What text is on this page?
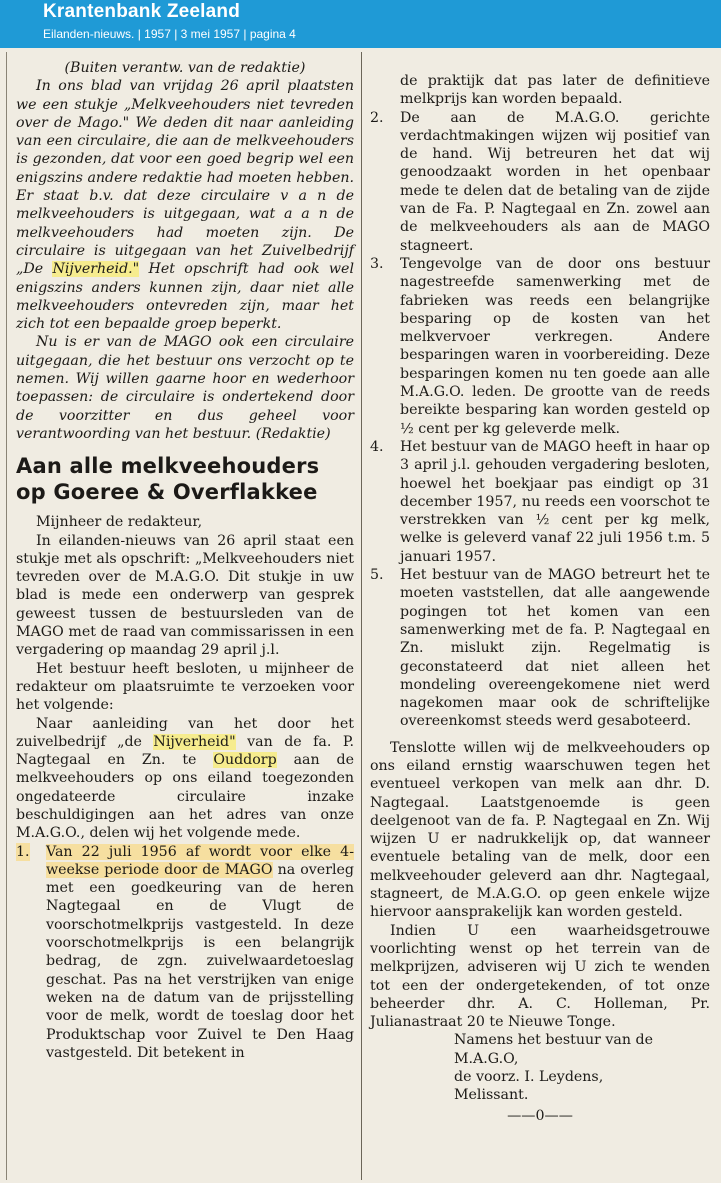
Krantenbank Zeeland
Eilanden-nieuws. | 1957 | 3 mei 1957 | pagina 4

(Buiten verantw. van de redaktie)

In ons blad van vrijdag 26 april plaatsten we een stukje „Melkveehouders niet tevreden over de Mago." We deden dit naar aanleiding van een circulaire, die aan de melkveehouders is gezonden, dat voor een goed begrip wel een enigszins andere redaktie had moeten hebben. Er staat b.v. dat deze circulaire v a n de melkveehouders is uitgegaan, wat a a n de melkveehouders had moeten zijn. De circulaire is uitgegaan van het Zuivelbedrijf „De Nijverheid." Het opschrift had ook wel enigszins anders kunnen zijn, daar niet alle melkveehouders ontevreden zijn, maar het zich tot een bepaalde groep beperkt.

Nu is er van de MAGO ook een circulaire uitgegaan, die het bestuur ons verzocht op te nemen. Wij willen gaarne hoor en wederhoor toepassen: de circulaire is ondertekend door de voorzitter en dus geheel voor verantwoording van het bestuur. (Redaktie)

Aan alle melkveehouders op Goeree & Overflakkee

Mijnheer de redakteur,

In eilanden-nieuws van 26 april staat een stukje met als opschrift: „Melkveehouders niet tevreden over de M.A.G.O. Dit stukje in uw blad is mede een onderwerp van gesprek geweest tussen de bestuursleden van de MAGO met de raad van commissarissen in een vergadering op maandag 29 april j.l.

Het bestuur heeft besloten, u mijnheer de redakteur om plaatsruimte te verzoeken voor het volgende:

Naar aanleiding van het door het zuivelbedrijf „de Nijverheid" van de fa. P. Nagtegaal en Zn. te Ouddorp aan de melkveehouders op ons eiland toegezonden ongedateerde circulaire inzake beschuldigingen aan het adres van onze M.A.G.O., delen wij het volgende mede.

1. Van 22 juli 1956 af wordt voor elke 4-weekse periode door de MAGO na overleg met een goedkeuring van de heren Nagtegaal en de Vlugt de voorschotmelkprijs vastgesteld. In deze voorschotmelkprijs is een belangrijk bedrag, de zgn. zuivelwaardetoeslag geschat. Pas na het verstrijken van enige weken na de datum van de prijsstelling voor de melk, wordt de toeslag door het Produktschap voor Zuivel te Den Haag vastgesteld. Dit betekent in
de praktijk dat pas later de definitieve melkprijs kan worden bepaald.
2. De aan de M.A.G.O. gerichte verdachtmakingen wijzen wij positief van de hand. Wij betreuren het dat wij genoodzaakt worden in het openbaar mede te delen dat de betaling van de zijde van de Fa. P. Nagtegaal en Zn. zowel aan de melkveehouders als aan de MAGO stagneert.
3. Tengevolge van de door ons bestuur nagestreefde samenwerking met de fabrieken was reeds een belangrijke besparing op de kosten van het melkvervoer verkregen. Andere besparingen waren in voorbereiding. Deze besparingen komen nu ten goede aan alle M.A.G.O. leden. De grootte van de reeds bereikte besparing kan worden gesteld op ½ cent per kg geleverde melk.
4. Het bestuur van de MAGO heeft in haar op 3 april j.l. gehouden vergadering besloten, hoewel het boekjaar pas eindigt op 31 december 1957, nu reeds een voorschot te verstrekken van ½ cent per kg melk, welke is geleverd vanaf 22 juli 1956 t.m. 5 januari 1957.
5. Het bestuur van de MAGO betreurt het te moeten vaststellen, dat alle aangewende pogingen tot het komen van een samenwerking met de fa. P. Nagtegaal en Zn. mislukt zijn. Regelmatig is geconstateerd dat niet alleen het mondeling overeengekomene niet werd nagekomen maar ook de schriftelijke overeenkomst steeds werd gesaboteerd.

Tenslotte willen wij de melkveehouders op ons eiland ernstig waarschuwen tegen het eventueel verkopen van melk aan dhr. D. Nagtegaal. Laatstgenoemde is geen deelgenoot van de fa. P. Nagtegaal en Zn. Wij wijzen U er nadrukkelijk op, dat wanneer eventuele betaling van de melk, door een melkveehouder geleverd aan dhr. Nagtegaal, stagneert, de M.A.G.O. op geen enkele wijze hiervoor aansprakelijk kan worden gesteld.

Indien U een waarheidsgetrouwe voorlichting wenst op het terrein van de melkprijzen, adviseren wij U zich te wenden tot een der ondergetekenden, of tot onze beheerder dhr. A. C. Holleman, Pr. Julianastraat 20 te Nieuwe Tonge.

Namens het bestuur van de M.A.G.O,

de voorz. I. Leydens,

Melissant.

——0——
